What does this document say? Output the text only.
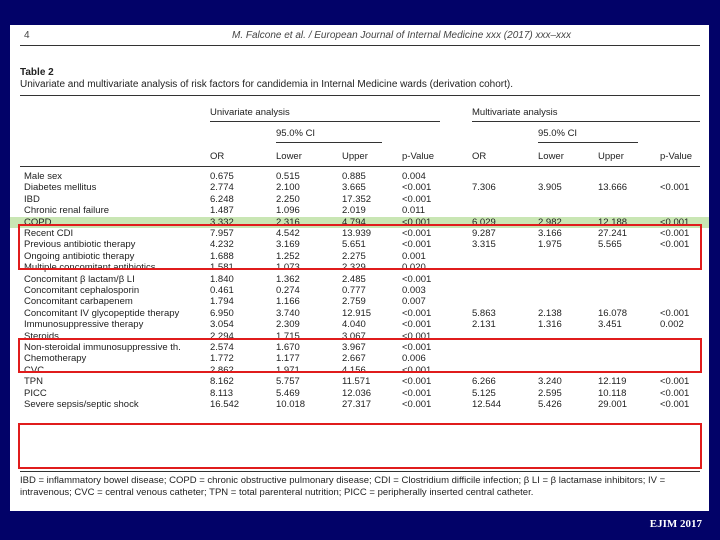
4	M. Falcone et al. / European Journal of Internal Medicine xxx (2017) xxx–xxx
Table 2
Univariate and multivariate analysis of risk factors for candidemia in Internal Medicine wards (derivation cohort).
Univariate analysis	Multivariate analysis
95.0% CI	95.0% CI
OR	Lower	Upper	p-Value	OR	Lower	Upper	p-Value
Male sex	0.675	0.515	0.885	0.004
Diabetes mellitus	2.774	2.100	3.665	<0.001	7.306	3.905	13.666	<0.001
IBD	6.248	2.250	17.352	<0.001
Chronic renal failure	1.487	1.096	2.019	0.011
COPD	3.332	2.316	4.794	<0.001	6.029	2.982	12.188	<0.001
Recent CDI	7.957	4.542	13.939	<0.001	9.287	3.166	27.241	<0.001
Previous antibiotic therapy	4.232	3.169	5.651	<0.001	3.315	1.975	5.565	<0.001
Ongoing antibiotic therapy	1.688	1.252	2.275	0.001
Multiple concomitant antibiotics	1.581	1.073	2.329	0.020
Concomitant β lactam/β LI	1.840	1.362	2.485	<0.001
Concomitant cephalosporin	0.461	0.274	0.777	0.003
Concomitant carbapenem	1.794	1.166	2.759	0.007
Concomitant IV glycopeptide therapy	6.950	3.740	12.915	<0.001	5.863	2.138	16.078	<0.001
Immunosuppressive therapy	3.054	2.309	4.040	<0.001	2.131	1.316	3.451	0.002
Steroids	2.294	1.715	3.067	<0.001
Non-steroidal immunosuppressive th.	2.574	1.670	3.967	<0.001
Chemotherapy	1.772	1.177	2.667	0.006
CVC	2.862	1.971	4.156	<0.001
TPN	8.162	5.757	11.571	<0.001	6.266	3.240	12.119	<0.001
PICC	8.113	5.469	12.036	<0.001	5.125	2.595	10.118	<0.001
Severe sepsis/septic shock	16.542	10.018	27.317	<0.001	12.544	5.426	29.001	<0.001
IBD = inflammatory bowel disease; COPD = chronic obstructive pulmonary disease; CDI = Clostridium difficile infection; β LI = β lactamase inhibitors; IV = intravenous; CVC = central venous catheter; TPN = total parenteral nutrition; PICC = peripherally inserted central catheter.
EJIM 2017
